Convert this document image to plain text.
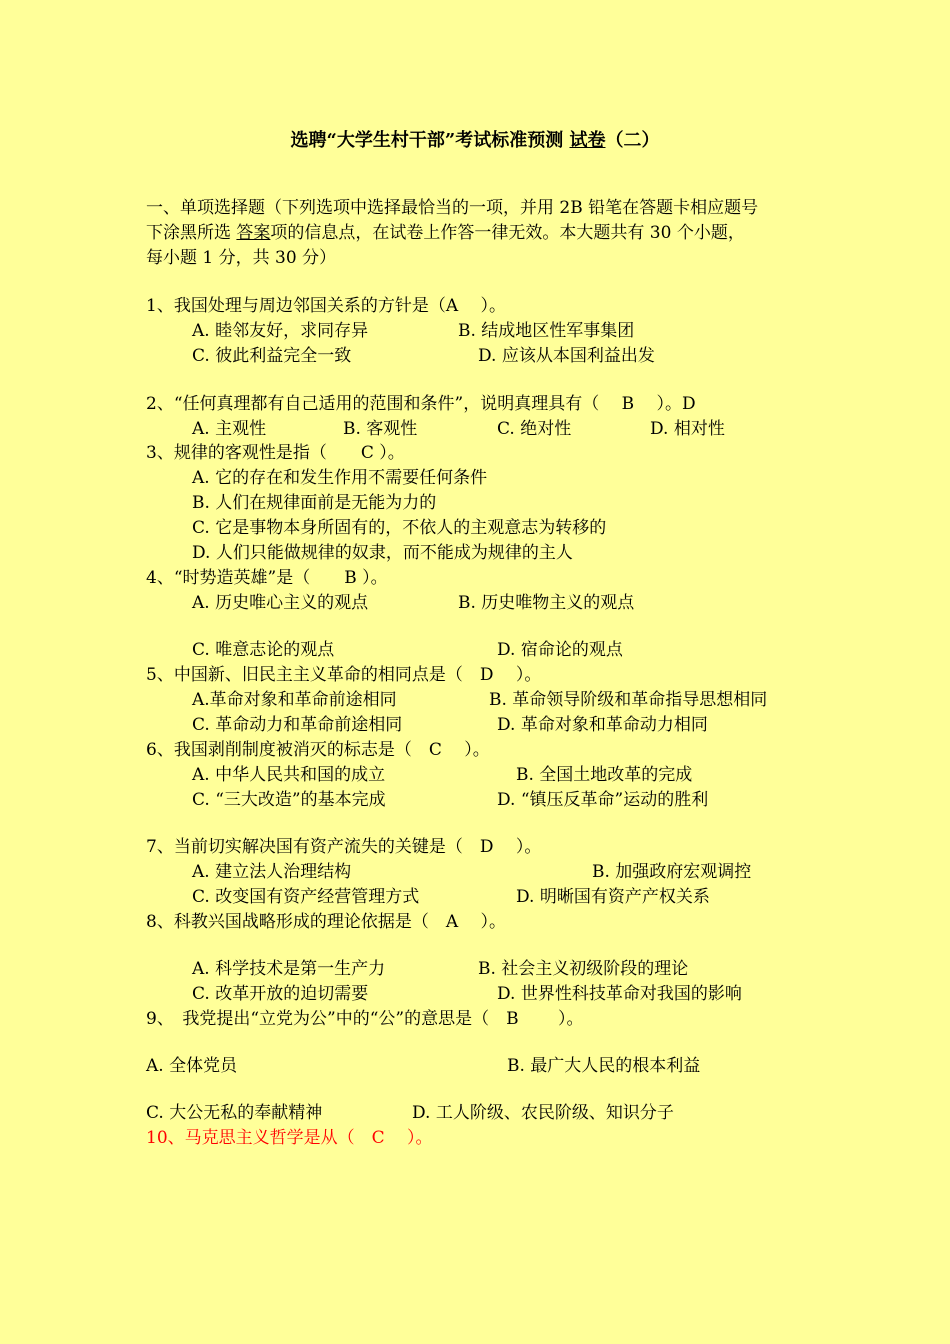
选聘“大学生村干部”考试标准预测 试卷（二）
一、单项选择题（下列选项中选择最恰当的一项，并用 2B 铅笔在答题卡相应题号
下涂黑所选 答案项的信息点，在试卷上作答一律无效。本大题共有 30 个小题，
每小题 1 分，共 30 分）
1、我国处理与周边邻国关系的方针是（A　 ）。
A. 睦邻友好，求同存异	B. 结成地区性军事集团
C. 彼此利益完全一致	D. 应该从本国利益出发
2、“任何真理都有自己适用的范围和条件”，说明真理具有（　 B　 ）。D
A. 主观性	B. 客观性	C. 绝对性	D. 相对性
3、规律的客观性是指（　　C ）。
A. 它的存在和发生作用不需要任何条件
B. 人们在规律面前是无能为力的
C. 它是事物本身所固有的，不依人的主观意志为转移的
D. 人们只能做规律的奴隶，而不能成为规律的主人
4、“时势造英雄”是（　　B ）。
A. 历史唯心主义的观点	B. 历史唯物主义的观点
C. 唯意志论的观点	D. 宿命论的观点
5、中国新、旧民主主义革命的相同点是（　D　 ）。
A.革命对象和革命前途相同	B. 革命领导阶级和革命指导思想相同
C. 革命动力和革命前途相同	D. 革命对象和革命动力相同
6、我国剥削制度被消灭的标志是（　C　 ）。
A. 中华人民共和国的成立	B. 全国土地改革的完成
C. “三大改造”的基本完成	D. “镇压反革命”运动的胜利
7、当前切实解决国有资产流失的关键是（　D　 ）。
A. 建立法人治理结构	B. 加强政府宏观调控
C. 改变国有资产经营管理方式	D. 明晰国有资产产权关系
8、科教兴国战略形成的理论依据是（　A　 ）。
A. 科学技术是第一生产力	B. 社会主义初级阶段的理论
C. 改革开放的迫切需要	D. 世界性科技革命对我国的影响
9、　我党提出“立党为公”中的“公”的意思是（　B　　 ）。
A. 全体党员	B. 最广大人民的根本利益
C. 大公无私的奉献精神	D. 工人阶级、农民阶级、知识分子
10、马克思主义哲学是从（　C　 ）。
